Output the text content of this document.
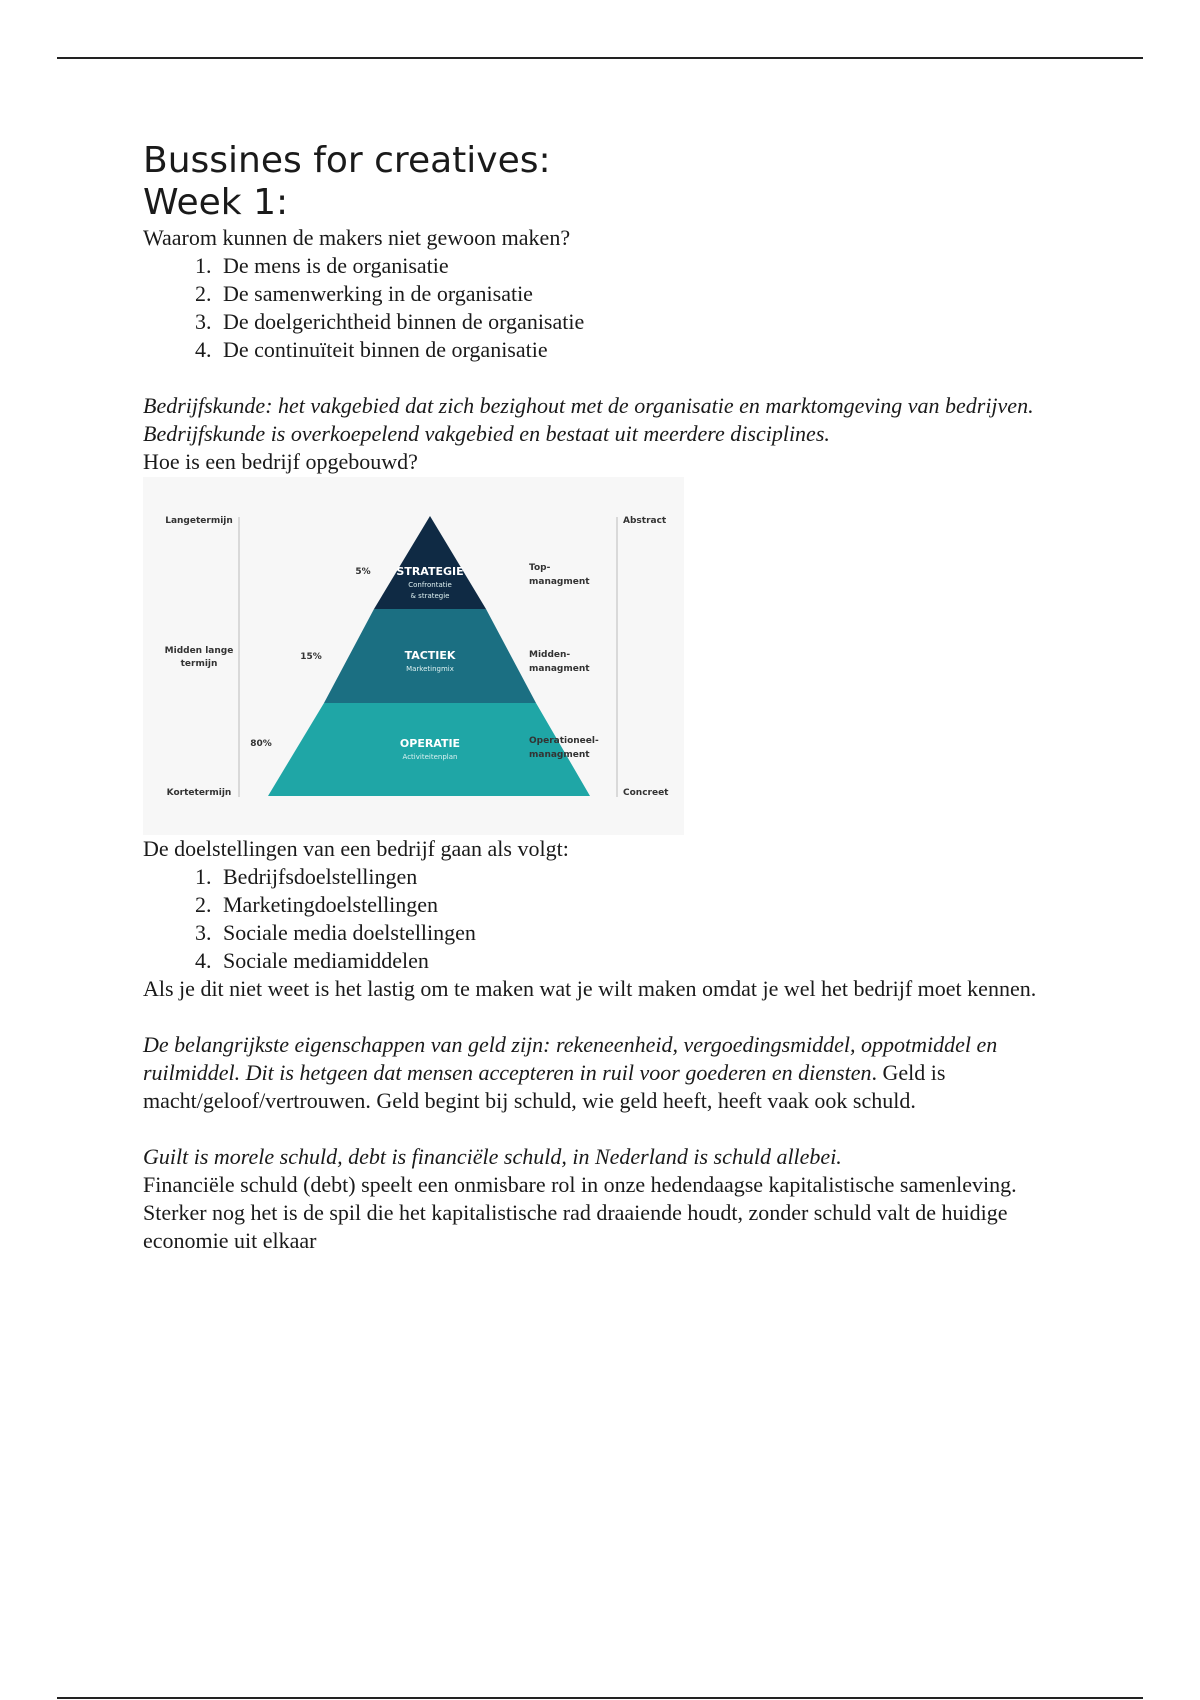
Bussines for creatives:
Week 1:

Waarom kunnen de makers niet gewoon maken?

1. De mens is de organisatie
2. De samenwerking in de organisatie
3. De doelgerichtheid binnen de organisatie
4. De continuïteit binnen de organisatie

Bedrijfskunde: het vakgebied dat zich bezighout met de organisatie en marktomgeving van bedrijven. Bedrijfskunde is overkoepelend vakgebied en bestaat uit meerdere disciplines.

Hoe is een bedrijf opgebouwd?

STRATEGIE
Confrontatie
& strategie
TACTIEK
Marketingmix
OPERATIE
Activiteitenplan
5%
15%
80%
Top-
managment
Midden-
managment
Operationeel-
managment
Langetermijn
Midden lange
termijn
Kortetermijn
Abstract
Concreet

De doelstellingen van een bedrijf gaan als volgt:

1. Bedrijfsdoelstellingen
2. Marketingdoelstellingen
3. Sociale media doelstellingen
4. Sociale mediamiddelen

Als je dit niet weet is het lastig om te maken wat je wilt maken omdat je wel het bedrijf moet kennen.

De belangrijkste eigenschappen van geld zijn: rekeneenheid, vergoedingsmiddel, oppotmiddel en ruilmiddel. Dit is hetgeen dat mensen accepteren in ruil voor goederen en diensten. Geld is macht/geloof/vertrouwen. Geld begint bij schuld, wie geld heeft, heeft vaak ook schuld.

Guilt is morele schuld, debt is financiële schuld, in Nederland is schuld allebei.

Financiële schuld (debt) speelt een onmisbare rol in onze hedendaagse kapitalistische samenleving. Sterker nog het is de spil die het kapitalistische rad draaiende houdt, zonder schuld valt de huidige economie uit elkaar
